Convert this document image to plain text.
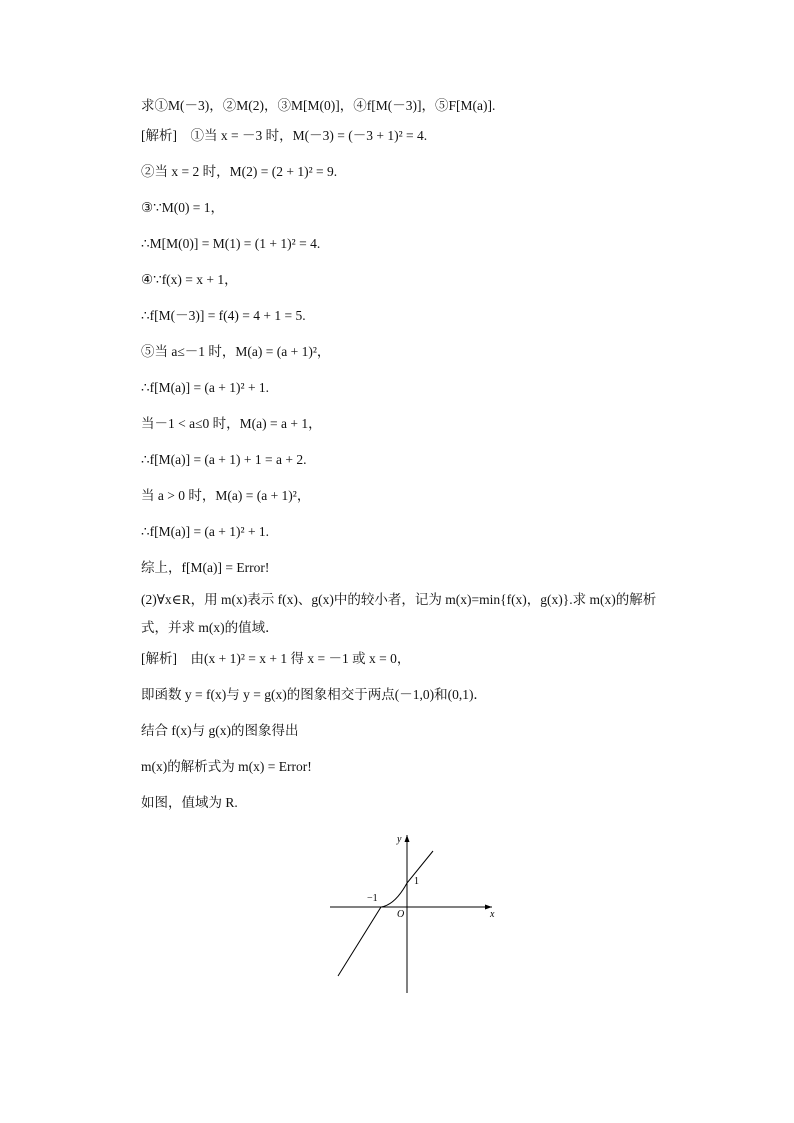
求①M(－3)，②M(2)，③M[M(0)]，④f[M(－3)]，⑤F[M(a)].
[解析]　①当 x = －3 时，M(－3) = (－3 + 1)² = 4.
②当 x = 2 时，M(2) = (2 + 1)² = 9.
③∵M(0) = 1，
∴M[M(0)] = M(1) = (1 + 1)² = 4.
④∵f(x) = x + 1，
∴f[M(－3)] = f(4) = 4 + 1 = 5.
⑤当 a≤－1 时，M(a) = (a + 1)²，
∴f[M(a)] = (a + 1)² + 1.
当－1 < a≤0 时，M(a) = a + 1，
∴f[M(a)] = (a + 1) + 1 = a + 2.
当 a > 0 时，M(a) = (a + 1)²，
∴f[M(a)] = (a + 1)² + 1.
综上，f[M(a)] = Error!
(2)∀x∈R，用 m(x)表示 f(x)、g(x)中的较小者，记为 m(x)=min{f(x)，g(x)}.求 m(x)的解析
式，并求 m(x)的值域．
[解析]　由(x + 1)² = x + 1 得 x = －1 或 x = 0，
即函数 y = f(x)与 y = g(x)的图象相交于两点(－1,0)和(0,1)．
结合 f(x)与 g(x)的图象得出
m(x)的解析式为 m(x) = Error!
如图，值域为 R.
y
x
O
−1
1
